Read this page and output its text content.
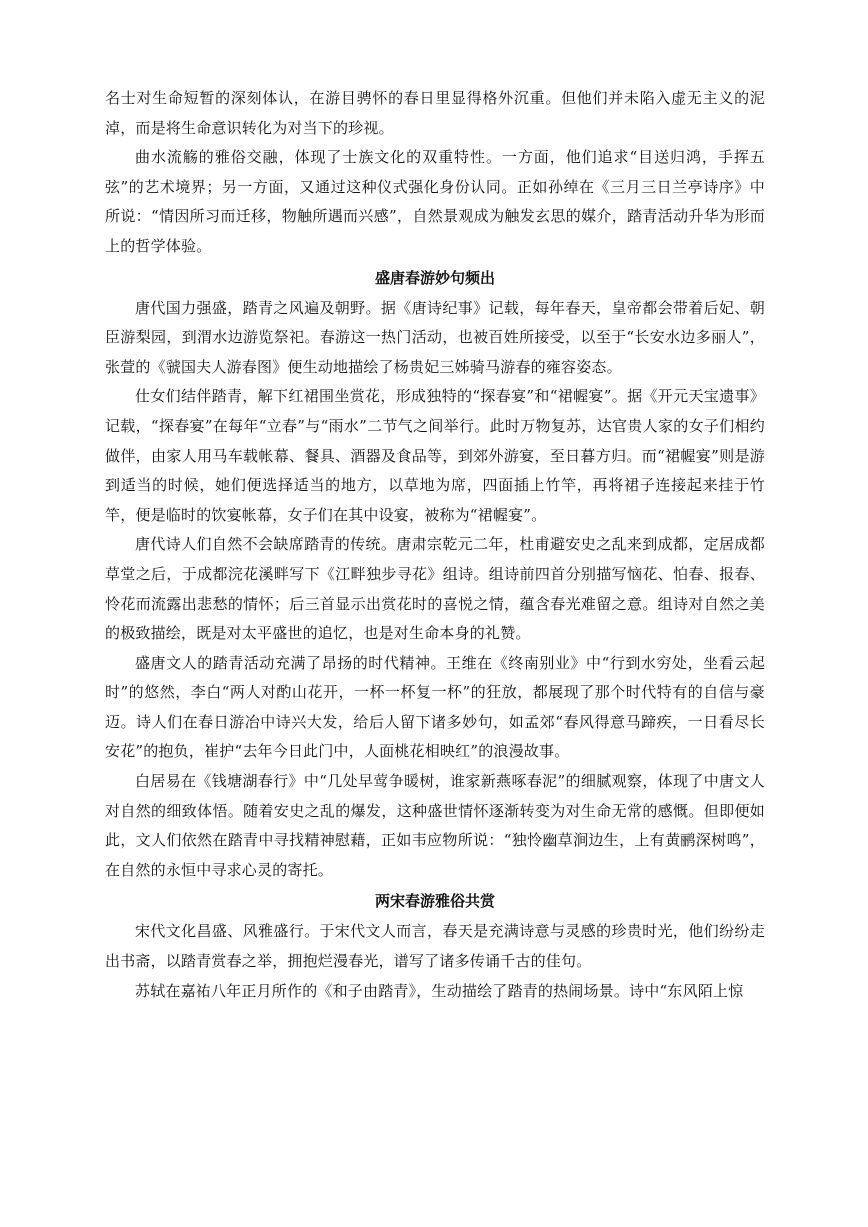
名士对生命短暂的深刻体认，在游目骋怀的春日里显得格外沉重。但他们并未陷入虚无主义的泥淖，而是将生命意识转化为对当下的珍视。

曲水流觞的雅俗交融，体现了士族文化的双重特性。一方面，他们追求“目送归鸿，手挥五弦”的艺术境界；另一方面，又通过这种仪式强化身份认同。正如孙绰在《三月三日兰亭诗序》中所说：“情因所习而迁移，物触所遇而兴感”，自然景观成为触发玄思的媒介，踏青活动升华为形而上的哲学体验。

盛唐春游妙句频出

唐代国力强盛，踏青之风遍及朝野。据《唐诗纪事》记载，每年春天，皇帝都会带着后妃、朝臣游梨园，到渭水边游览祭祀。春游这一热门活动，也被百姓所接受，以至于“长安水边多丽人”，张萱的《虢国夫人游春图》便生动地描绘了杨贵妃三姊骑马游春的雍容姿态。

仕女们结伴踏青，解下红裙围坐赏花，形成独特的“探春宴”和“裙幄宴”。据《开元天宝遗事》记载，“探春宴”在每年“立春”与“雨水”二节气之间举行。此时万物复苏，达官贵人家的女子们相约做伴，由家人用马车载帐幕、餐具、酒器及食品等，到郊外游宴，至日暮方归。而“裙幄宴”则是游到适当的时候，她们便选择适当的地方，以草地为席，四面插上竹竿，再将裙子连接起来挂于竹竿，便是临时的饮宴帐幕，女子们在其中设宴，被称为“裙幄宴”。

唐代诗人们自然不会缺席踏青的传统。唐肃宗乾元二年，杜甫避安史之乱来到成都，定居成都草堂之后，于成都浣花溪畔写下《江畔独步寻花》组诗。组诗前四首分别描写恼花、怕春、报春、怜花而流露出悲愁的情怀；后三首显示出赏花时的喜悦之情，蕴含春光难留之意。组诗对自然之美的极致描绘，既是对太平盛世的追忆，也是对生命本身的礼赞。

盛唐文人的踏青活动充满了昂扬的时代精神。王维在《终南别业》中“行到水穷处，坐看云起时”的悠然，李白“两人对酌山花开，一杯一杯复一杯”的狂放，都展现了那个时代特有的自信与豪迈。诗人们在春日游冶中诗兴大发，给后人留下诸多妙句，如孟郊“春风得意马蹄疾，一日看尽长安花”的抱负，崔护“去年今日此门中，人面桃花相映红”的浪漫故事。

白居易在《钱塘湖春行》中“几处早莺争暖树，谁家新燕啄春泥”的细腻观察，体现了中唐文人对自然的细致体悟。随着安史之乱的爆发，这种盛世情怀逐渐转变为对生命无常的感慨。但即便如此，文人们依然在踏青中寻找精神慰藉，正如韦应物所说：“独怜幽草涧边生，上有黄鹂深树鸣”，在自然的永恒中寻求心灵的寄托。

两宋春游雅俗共赏

宋代文化昌盛、风雅盛行。于宋代文人而言，春天是充满诗意与灵感的珍贵时光，他们纷纷走出书斋，以踏青赏春之举，拥抱烂漫春光，谱写了诸多传诵千古的佳句。

苏轼在嘉祐八年正月所作的《和子由踏青》，生动描绘了踏青的热闹场景。诗中“东风陌上惊
